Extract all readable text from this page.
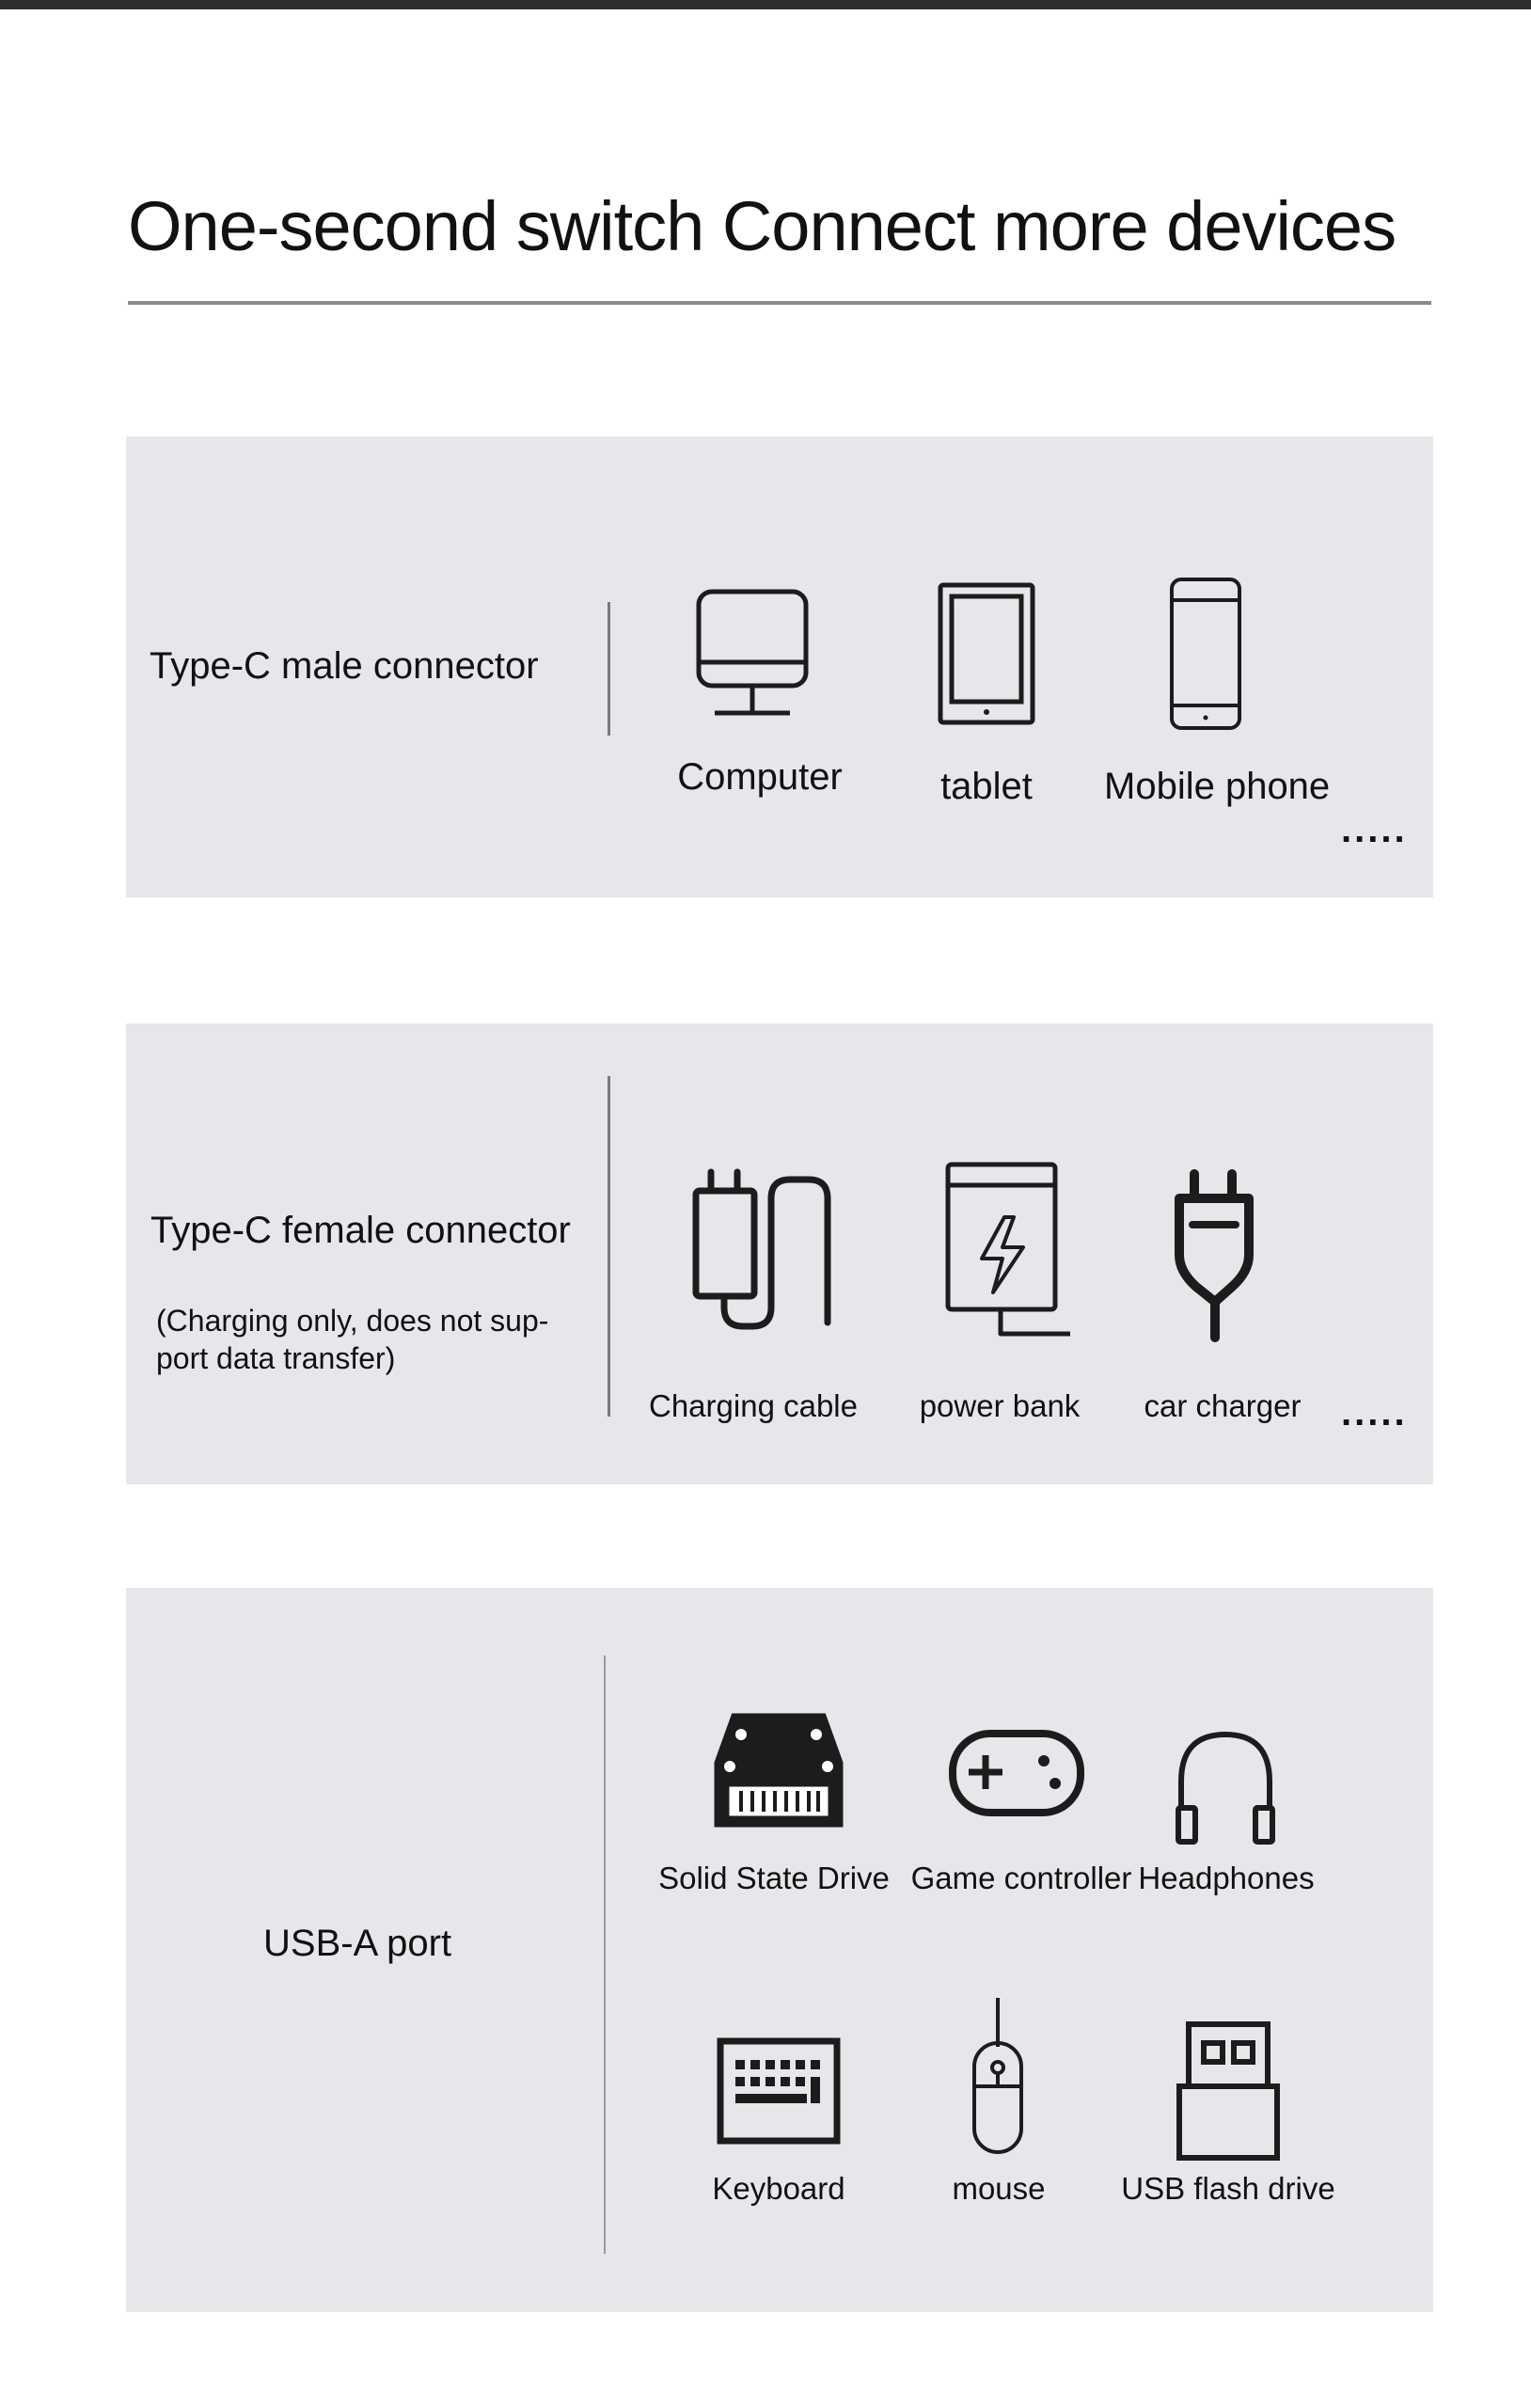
One-second switch Connect more devices
Type-C male connector
Computer	tablet	Mobile phone
.....
Type-C female connector
(Charging only, does not sup-port data transfer)
Charging cable	power bank	car charger	.....
USB-A port
Solid State Drive Game controller Headphones
Keyboard	mouse	USB flash drive
